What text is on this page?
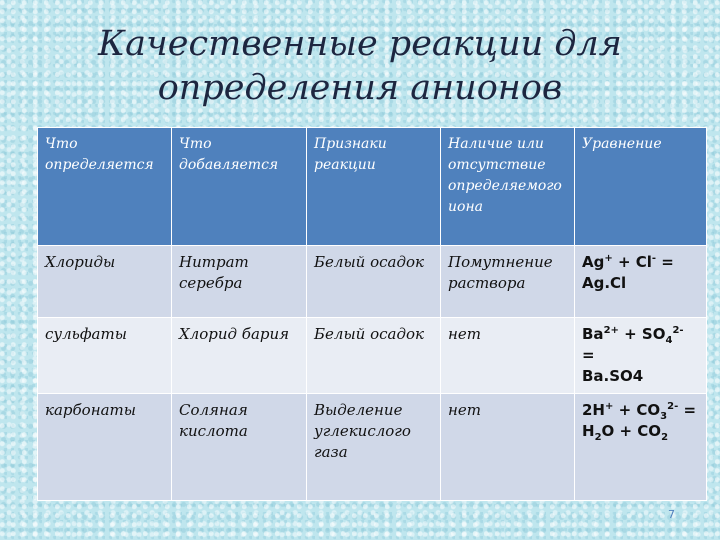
Качественные реакции для
определения анионов
Что определяется	Что добавляется	Признаки реакции	Наличие или отсутствие определяемого иона	Уравнение
Хлориды	Нитрат серебра	Белый осадок	Помутнение раствора	Ag+ + Cl- =
Ag.Cl
сульфаты	Хлорид бария	Белый осадок	нет	$Ba^{2+} + SO_4^{2-}$ =
Ba.SO4
карбонаты	Соляная кислота	Выделение углекислого газа	нет	$2H^+ + CO_3^{2-}$ =
$H_2O + CO_2$
7
